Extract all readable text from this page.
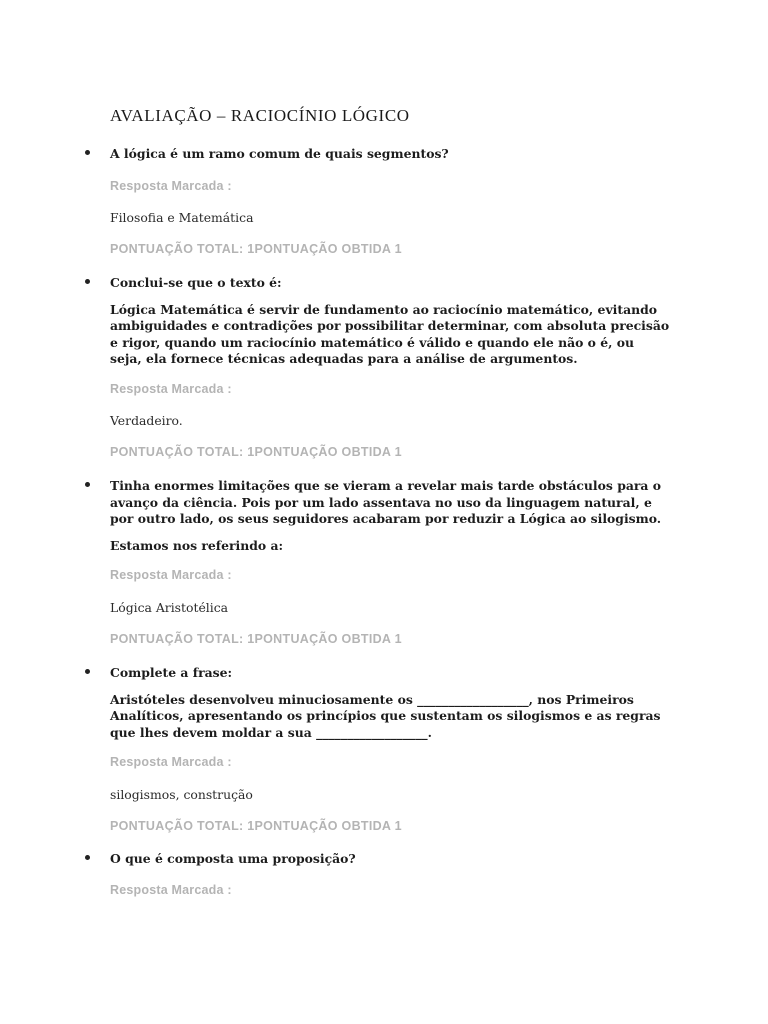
AVALIAÇÃO – RACIOCÍNIO LÓGICO

A lógica é um ramo comum de quais segmentos?

Resposta Marcada :
Filosofia e Matemática
PONTUAÇÃO TOTAL: 1PONTUAÇÃO OBTIDA 1

Conclui-se que o texto é:

Lógica Matemática é servir de fundamento ao raciocínio matemático, evitando ambiguidades e contradições por possibilitar determinar, com absoluta precisão e rigor, quando um raciocínio matemático é válido e quando ele não o é, ou seja, ela fornece técnicas adequadas para a análise de argumentos.

Resposta Marcada :
Verdadeiro.
PONTUAÇÃO TOTAL: 1PONTUAÇÃO OBTIDA 1

Tinha enormes limitações que se vieram a revelar mais tarde obstáculos para o avanço da ciência. Pois por um lado assentava no uso da linguagem natural, e por outro lado, os seus seguidores acabaram por reduzir a Lógica ao silogismo.

Estamos nos referindo a:

Resposta Marcada :
Lógica Aristotélica
PONTUAÇÃO TOTAL: 1PONTUAÇÃO OBTIDA 1

Complete a frase:

Aristóteles desenvolveu minuciosamente os __________________, nos Primeiros Analíticos, apresentando os princípios que sustentam os silogismos e as regras que lhes devem moldar a sua __________________.

Resposta Marcada :
silogismos, construção
PONTUAÇÃO TOTAL: 1PONTUAÇÃO OBTIDA 1

O que é composta uma proposição?

Resposta Marcada :
